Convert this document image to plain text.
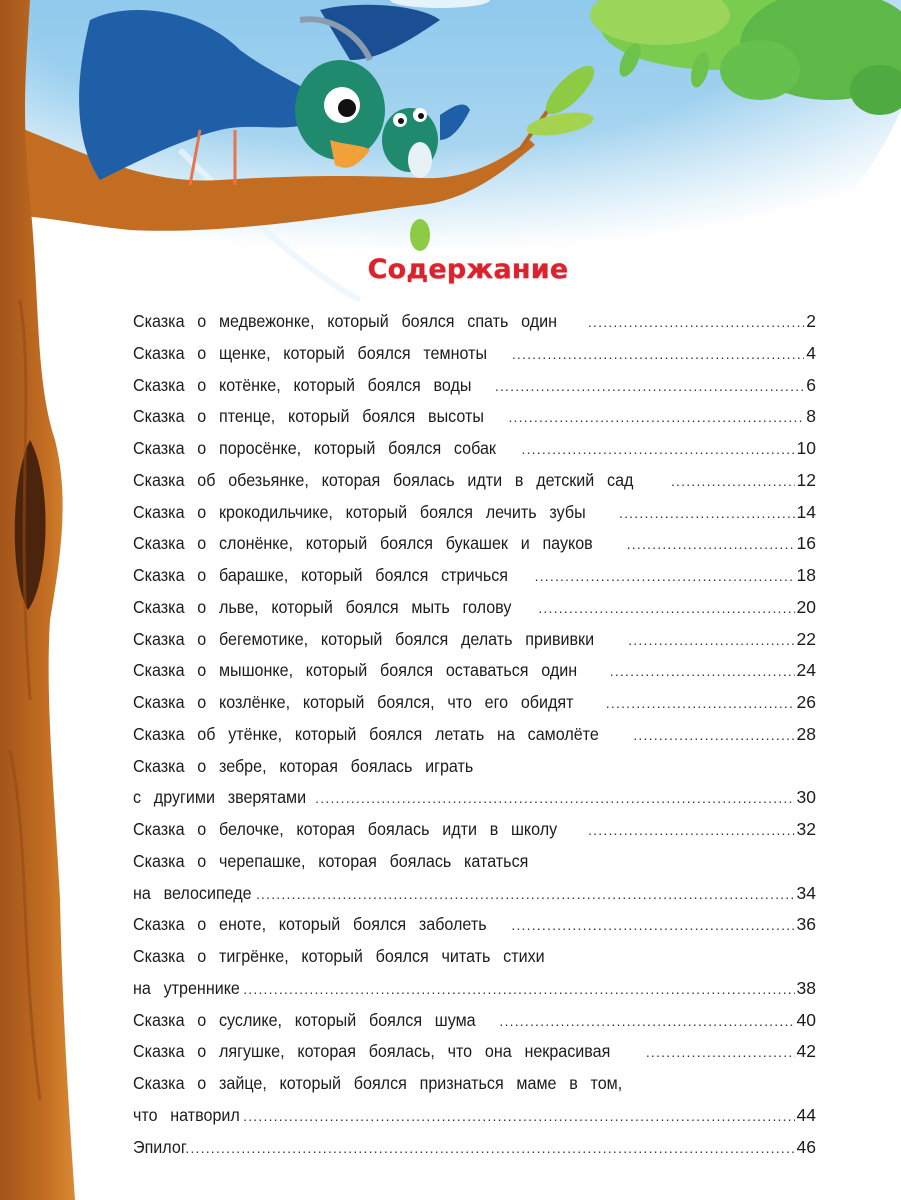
Содержание
Сказка о медвежонке, который боялся спать один .....	2
Сказка о щенке, который боялся темноты .....	4
Сказка о котёнке, который боялся воды .....	6
Сказка о птенце, который боялся высоты .....	8
Сказка о поросёнке, который боялся собак .....	10
Сказка об обезьянке, которая боялась идти в детский сад .....	12
Сказка о крокодильчике, который боялся лечить зубы .....	14
Сказка о слонёнке, который боялся букашек и пауков .....	16
Сказка о барашке, который боялся стричься .....	18
Сказка о льве, который боялся мыть голову .....	20
Сказка о бегемотике, который боялся делать прививки .....	22
Сказка о мышонке, который боялся оставаться один .....	24
Сказка о козлёнке, который боялся, что его обидят .....	26
Сказка об утёнке, который боялся летать на самолёте .....	28
Сказка о зебре, которая боялась играть
с другими зверятами .....	30
Сказка о белочке, которая боялась идти в школу .....	32
Сказка о черепашке, которая боялась кататься
на велосипеде .....	34
Сказка о еноте, который боялся заболеть .....	36
Сказка о тигрёнке, который боялся читать стихи
на утреннике .....	38
Сказка о суслике, который боялся шума .....	40
Сказка о лягушке, которая боялась, что она некрасивая .....	42
Сказка о зайце, который боялся признаться маме в том,
что натворил .....	44
Эпилог .....	46
